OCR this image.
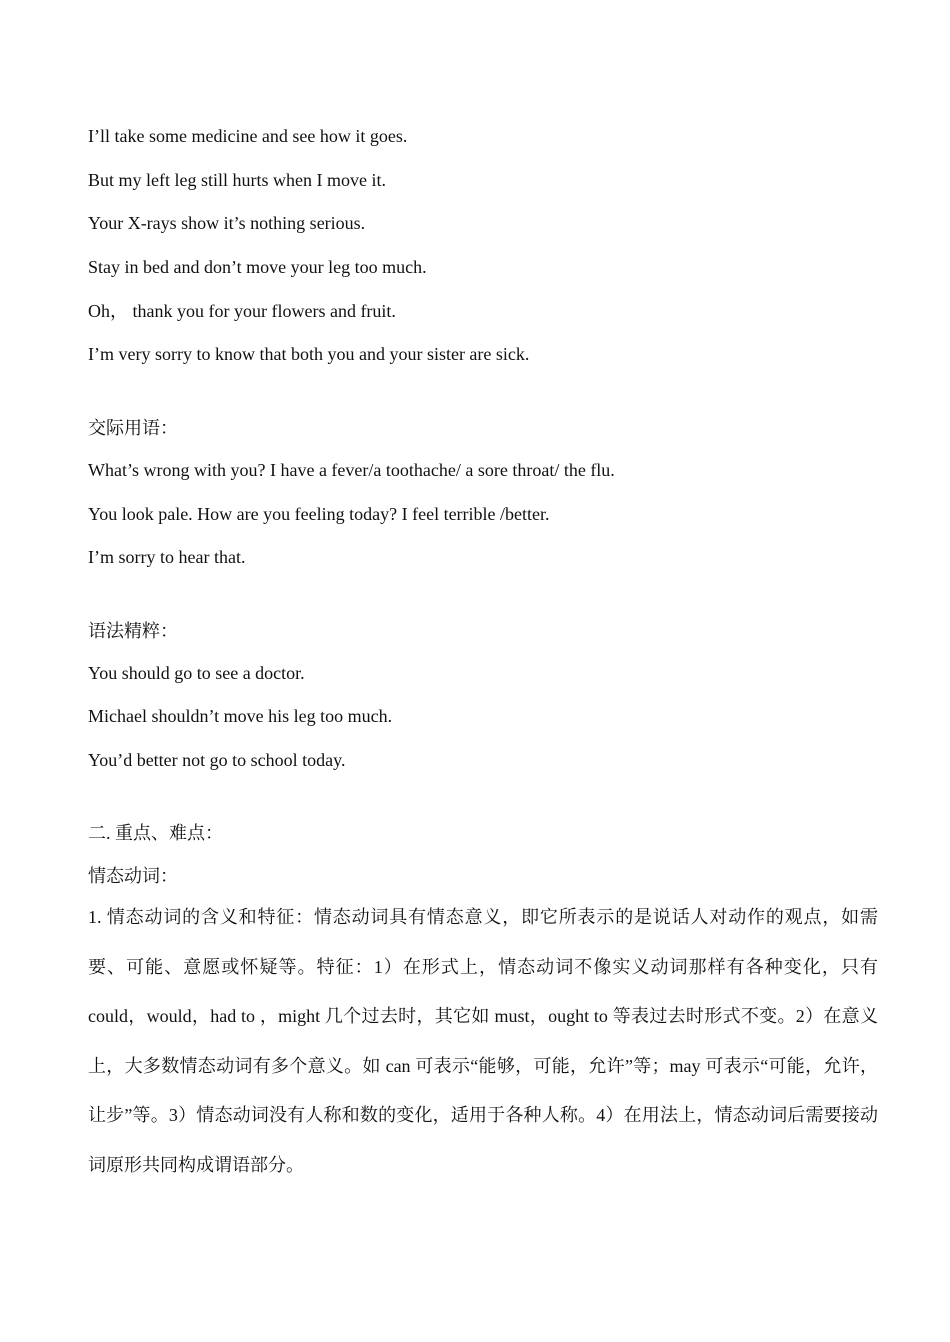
I’ll take some medicine and see how it goes.
But my left leg still hurts when I move it.
Your X-rays show it’s nothing serious.
Stay in bed and don’t move your leg too much.
Oh， thank you for your flowers and fruit.
I’m very sorry to know that both you and your sister are sick.
交际用语：
What’s wrong with you? I have a fever/a toothache/ a sore throat/ the flu.
You look pale. How are you feeling today? I feel terrible /better.
I’m sorry to hear that.
语法精粹：
You should go to see a doctor.
Michael shouldn’t move his leg too much.
You’d better not go to school today.
二. 重点、难点：
情态动词：
1. 情态动词的含义和特征：情态动词具有情态意义，即它所表示的是说话人对动作的观点，如需要、可能、意愿或怀疑等。特征：1）在形式上，情态动词不像实义动词那样有各种变化，只有 could，would，had to ，might 几个过去时，其它如 must，ought to 等表过去时形式不变。2）在意义上，大多数情态动词有多个意义。如 can 可表示“能够，可能，允许”等；may 可表示“可能，允许，让步”等。3）情态动词没有人称和数的变化，适用于各种人称。4）在用法上，情态动词后需要接动词原形共同构成谓语部分。
